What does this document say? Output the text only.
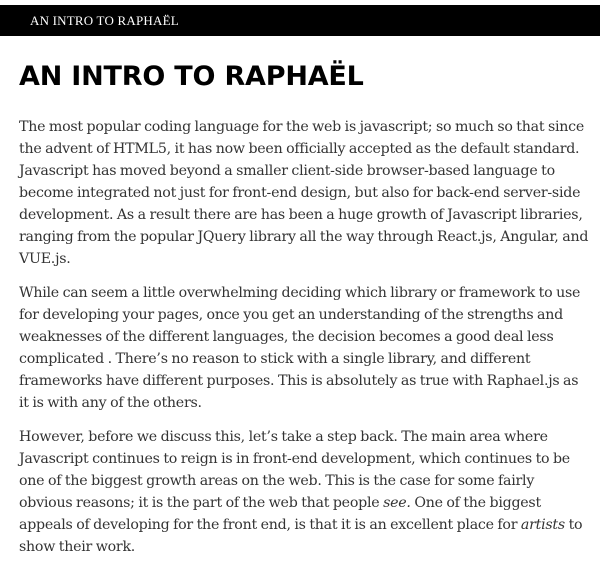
AN INTRO TO RAPHAËL
AN INTRO TO RAPHAËL

The most popular coding language for the web is javascript; so much so that since the advent of HTML5, it has now been officially accepted as the default standard. Javascript has moved beyond a smaller client-side browser-based language to become integrated not just for front-end design, but also for back-end server-side development. As a result there are has been a huge growth of Javascript libraries, ranging from the popular JQuery library all the way through React.js, Angular, and VUE.js.

While can seem a little overwhelming deciding which library or framework to use for developing your pages, once you get an understanding of the strengths and weaknesses of the different languages, the decision becomes a good deal less complicated . There’s no reason to stick with a single library, and different frameworks have different purposes. This is absolutely as true with Raphael.js as it is with any of the others.

However, before we discuss this, let’s take a step back. The main area where Javascript continues to reign is in front-end development, which continues to be one of the biggest growth areas on the web. This is the case for some fairly obvious reasons; it is the part of the web that people see. One of the biggest appeals of developing for the front end, is that it is an excellent place for artists to show their work.
